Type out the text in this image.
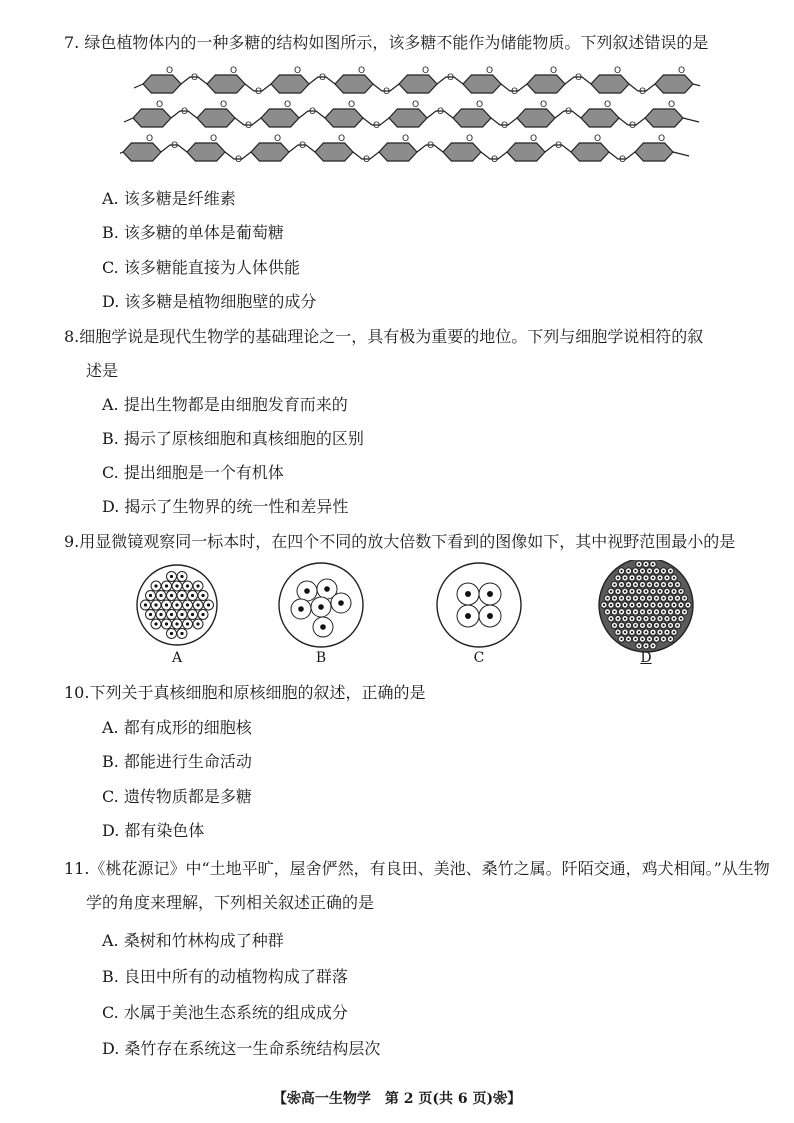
7. 绿色植物体内的一种多糖的结构如图所示，该多糖不能作为储能物质。下列叙述错误的是
O
O
O
O
O
O
O
O
O
O
O
O
O
O
O
O
O
O
O
O
O
O
O
O
O
O
O
O
O
O
O
O
O
O
O
O
O
O
O
O
O
O
O
O
O
O
O
O
O
O
O
A. 该多糖是纤维素
B. 该多糖的单体是葡萄糖
C. 该多糖能直接为人体供能
D. 该多糖是植物细胞壁的成分
8.细胞学说是现代生物学的基础理论之一，具有极为重要的地位。下列与细胞学说相符的叙
述是
A. 提出生物都是由细胞发育而来的
B. 揭示了原核细胞和真核细胞的区别
C. 提出细胞是一个有机体
D. 揭示了生物界的统一性和差异性
9.用显微镜观察同一标本时，在四个不同的放大倍数下看到的图像如下，其中视野范围最小的是
A	B	C	D
10.下列关于真核细胞和原核细胞的叙述，正确的是
A. 都有成形的细胞核
B. 都能进行生命活动
C. 遗传物质都是多糖
D. 都有染色体
11.《桃花源记》中“土地平旷，屋舍俨然，有良田、美池、桑竹之属。阡陌交通，鸡犬相闻。”从生物
学的角度来理解，下列相关叙述正确的是
A. 桑树和竹林构成了种群
B. 良田中所有的动植物构成了群落
C. 水属于美池生态系统的组成成分
D. 桑竹存在系统这一生命系统结构层次
【❀高一生物学　第 2 页(共 6 页)❀】
